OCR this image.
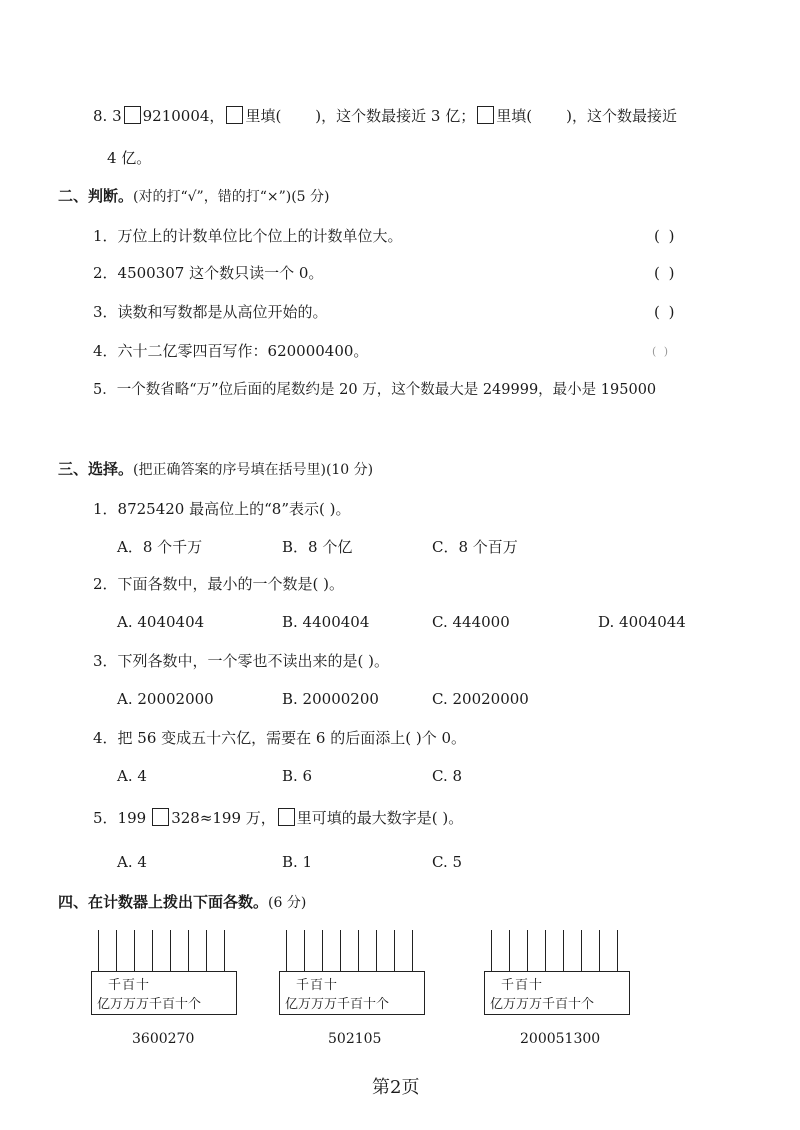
8. 3 9210004， 里填( )，这个数最接近 3 亿； 里填( )，这个数最接近
4 亿。
二、判断。(对的打“√”，错的打“×”)(5 分)
1．万位上的计数单位比个位上的计数单位大。	( )
2．4500307 这个数只读一个 0。	( )
3．读数和写数都是从高位开始的。	( )
4．六十二亿零四百写作：620000400。	( )
5．一个数省略“万”位后面的尾数约是 20 万，这个数最大是 249999，最小是 195000
三、选择。(把正确答案的序号填在括号里)(10 分)
1．8725420 最高位上的“8”表示( )。
A．8 个千万	B．8 个亿	C．8 个百万
2．下面各数中，最小的一个数是( )。
A. 4040404	B. 4400404	C. 444000	D. 4004044
3．下列各数中，一个零也不读出来的是( )。
A. 20002000	B. 20000200	C. 20020000
4．把 56 变成五十六亿，需要在 6 的后面添上( )个 0。
A. 4	B. 6	C. 8
5．199 328≈199 万， 里可填的最大数字是( )。
A. 4	B. 1	C. 5
四、在计数器上拨出下面各数。(6 分)
千百十
亿万万万千百十个
3600270
千百十
亿万万万千百十个
502105
千百十
亿万万万千百十个
200051300
第2页
